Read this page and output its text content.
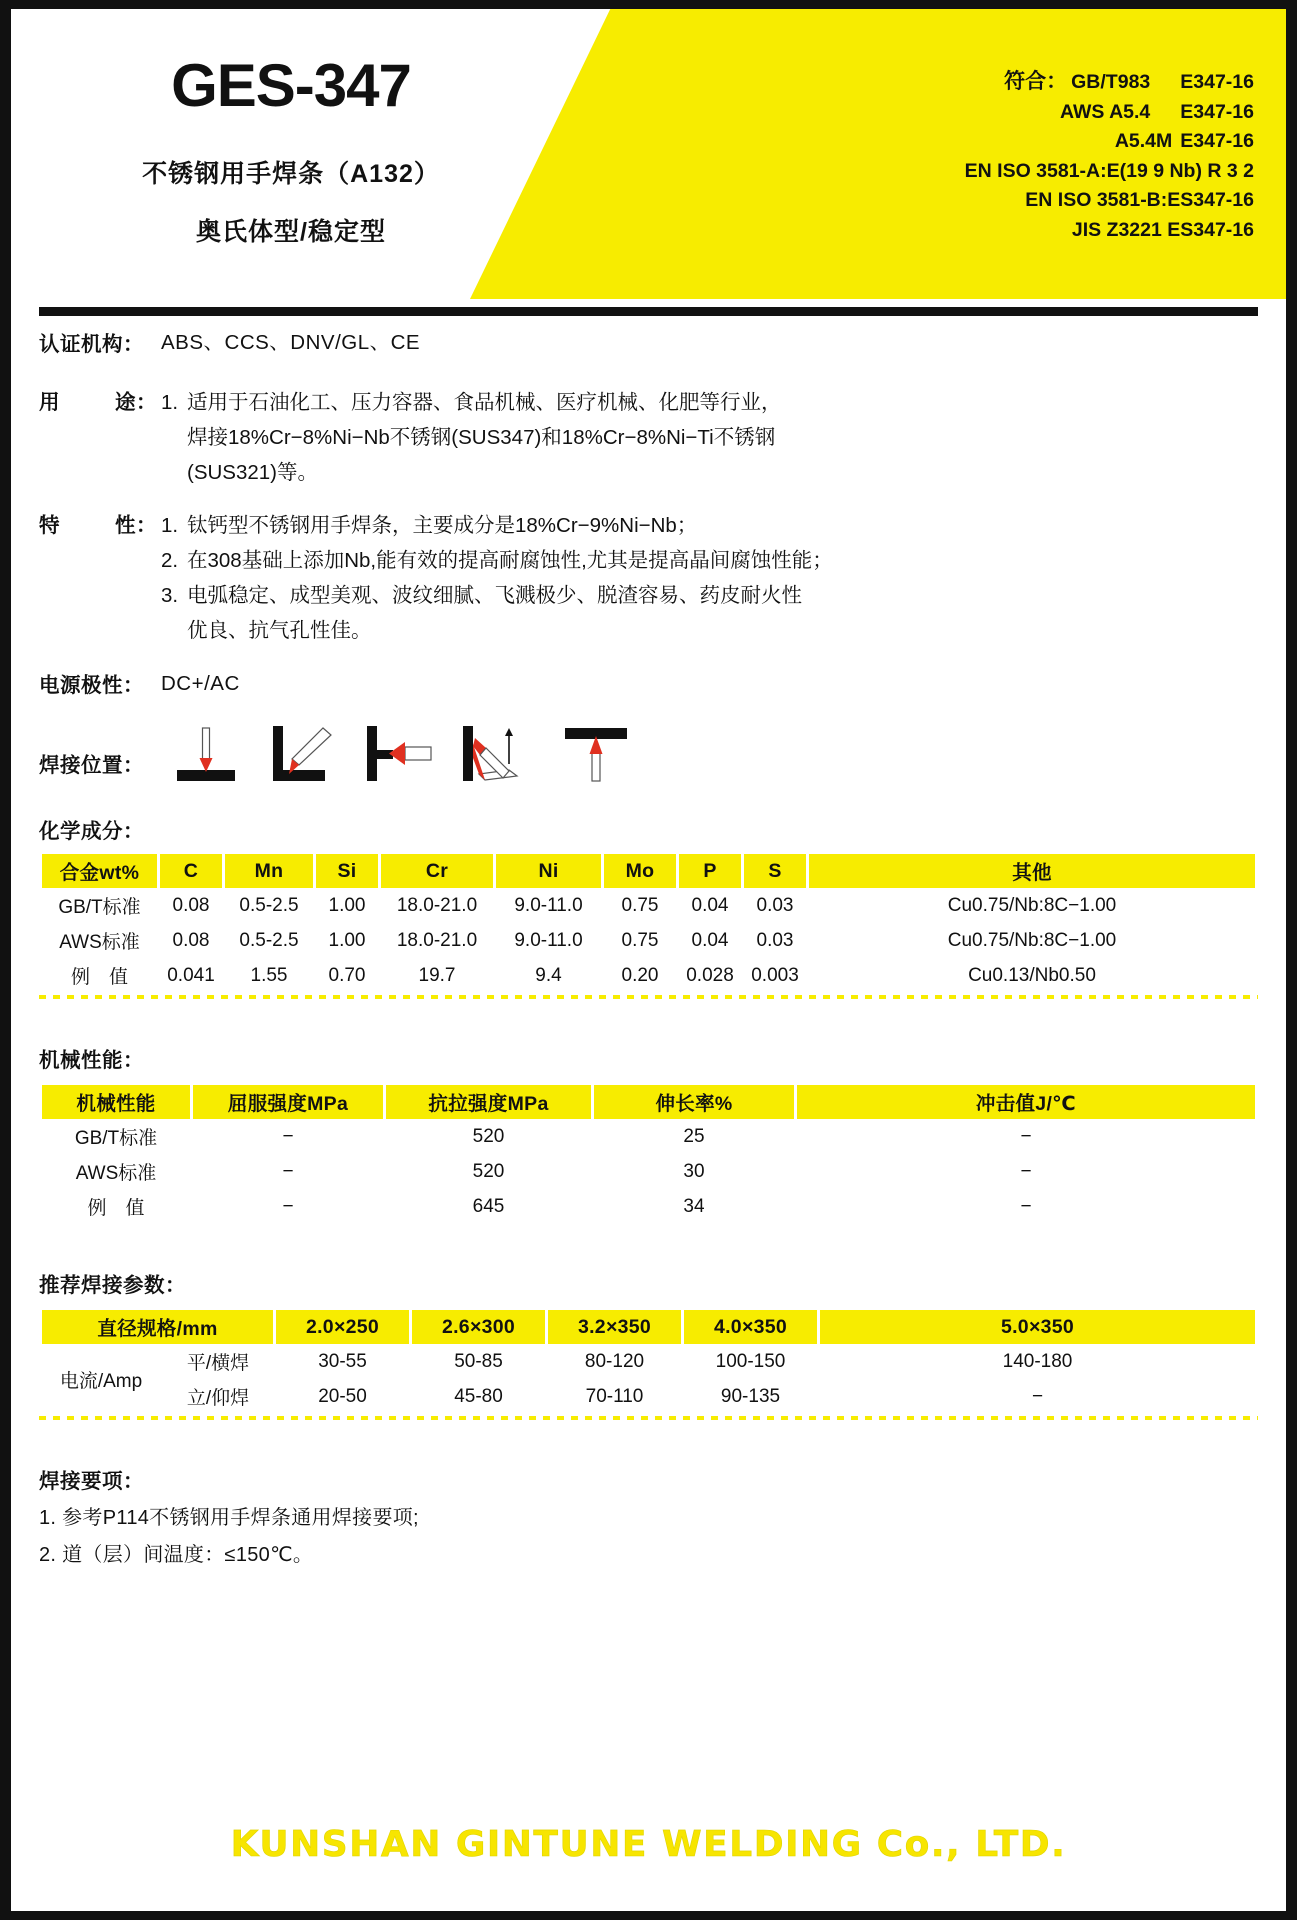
GES-347
不锈钢用手焊条（A132）
奥氏体型/稳定型
符合： GB/T983 E347-16
AWS A5.4 E347-16
A5.4M E347-16
EN ISO 3581-A:E(19 9 Nb) R 3 2
EN ISO 3581-B:ES347-16
JIS Z3221 ES347-16
认证机构： ABS、CCS、DNV/GL、CE
用	途： 1. 适用于石油化工、压力容器、食品机械、医疗机械、化肥等行业，
焊接18%Cr−8%Ni−Nb不锈钢(SUS347)和18%Cr−8%Ni−Ti不锈钢
(SUS321)等。
特	性： 1. 钛钙型不锈钢用手焊条，主要成分是18%Cr−9%Ni−Nb；
2. 在308基础上添加Nb,能有效的提高耐腐蚀性,尤其是提高晶间腐蚀性能；
3. 电弧稳定、成型美观、波纹细腻、飞溅极少、脱渣容易、药皮耐火性
优良、抗气孔性佳。
电源极性： DC+/AC
焊接位置：
化学成分：
合金wt%	C	Mn	Si	Cr	Ni	Mo	P	S	其他
GB/T标准	0.08	0.5-2.5	1.00	18.0-21.0	9.0-11.0	0.75	0.04	0.03	Cu0.75/Nb:8C−1.00
AWS标准	0.08	0.5-2.5	1.00	18.0-21.0	9.0-11.0	0.75	0.04	0.03	Cu0.75/Nb:8C−1.00
例　值	0.041	1.55	0.70	19.7	9.4	0.20	0.028	0.003	Cu0.13/Nb0.50
机械性能：
机械性能	屈服强度MPa	抗拉强度MPa	伸长率%	冲击值J/℃
GB/T标准	−	520	25	−
AWS标准	−	520	30	−
例　值	−	645	34	−
推荐焊接参数：
直径规格/mm		2.0×250	2.6×300	3.2×350	4.0×350	5.0×350
电流/Amp	平/横焊	30-55	50-85	80-120	100-150	140-180
	立/仰焊	20-50	45-80	70-110	90-135	−
焊接要项：
1. 参考P114不锈钢用手焊条通用焊接要项;
2. 道（层）间温度：≤150℃。
KUNSHAN GINTUNE WELDING Co., LTD.
